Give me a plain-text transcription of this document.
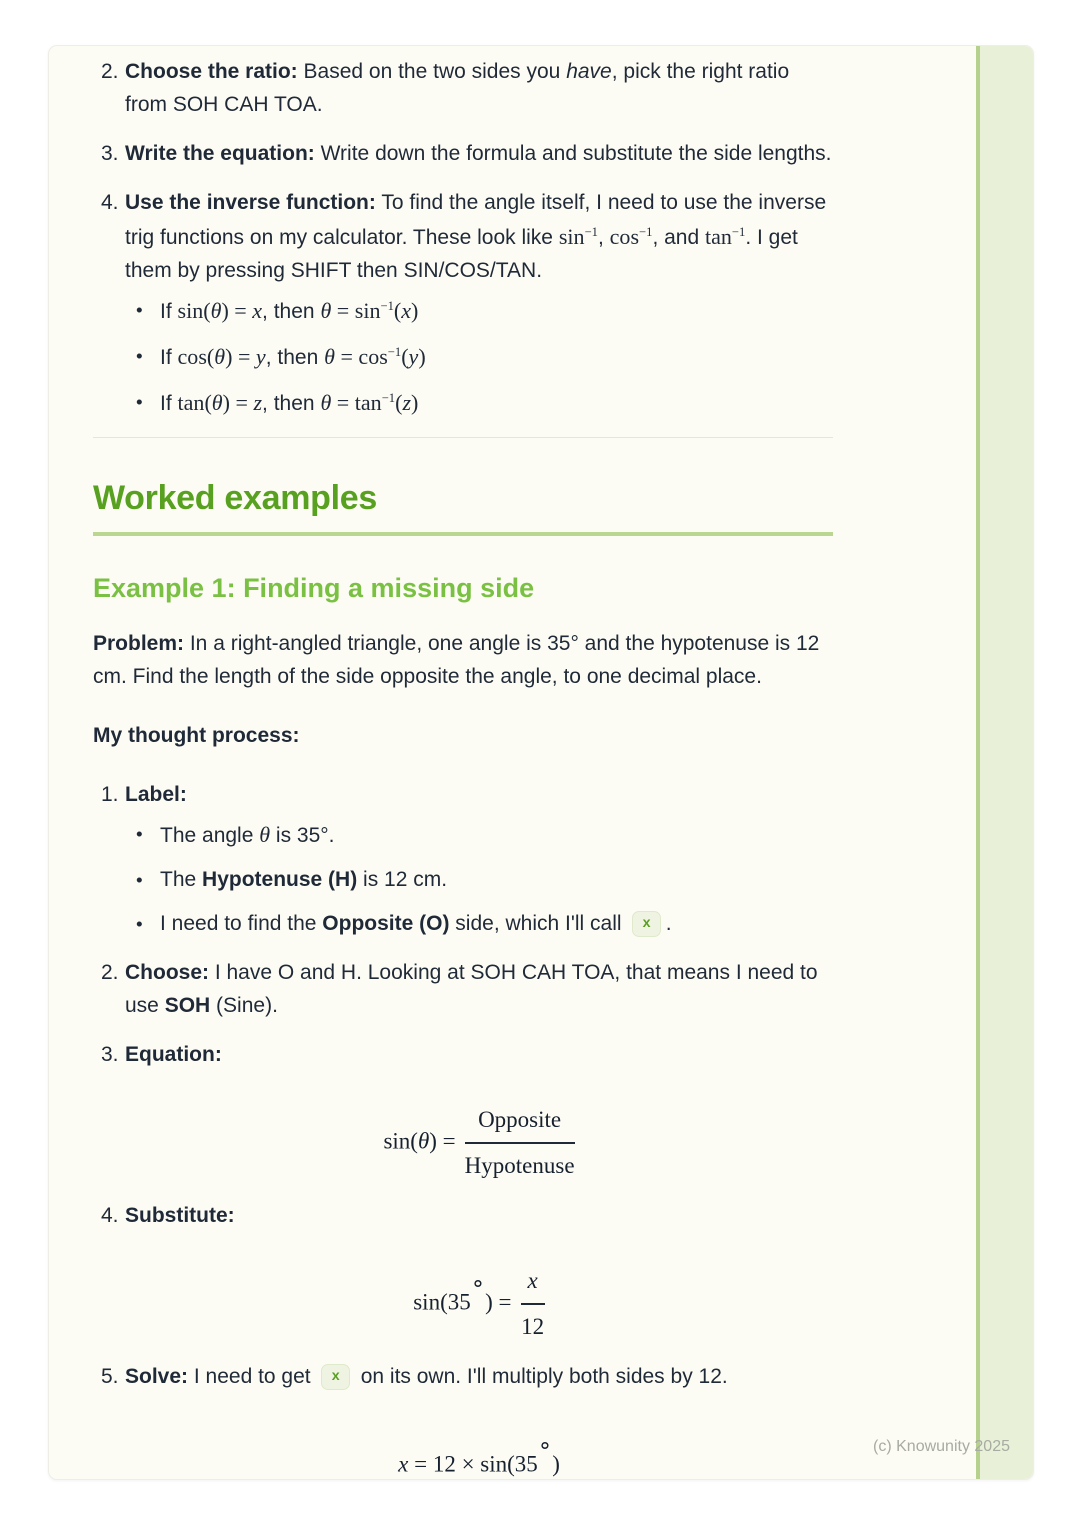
2. Choose the ratio: Based on the two sides you have, pick the right ratio from SOH CAH TOA.
3. Write the equation: Write down the formula and substitute the side lengths.
4. Use the inverse function: To find the angle itself, I need to use the inverse trig functions on my calculator. These look like $\sin^{-1}$, $\cos^{-1}$, and $\tan^{-1}$. I get them by pressing SHIFT then SIN/COS/TAN.
•
If sin(θ) = x, then $\theta = \sin^{-1}(x)$
•
If cos(θ) = y, then $\theta = \cos^{-1}(y)$
•
If tan(θ) = z, then $\theta = \tan^{-1}(z)$
Worked examples
Example 1: Finding a missing side

Problem: In a right-angled triangle, one angle is 35° and the hypotenuse is 12 cm. Find the length of the side opposite the angle, to one decimal place.

My thought process:

1. Label:
•
The angle θ is 35°.
•
The Hypotenuse (H) is 12 cm.
•
I need to find the Opposite (O) side, which I'll call x .
2. Choose: I have O and H. Looking at SOH CAH TOA, that means I need to use SOH (Sine).
3. Equation:
$\sin(\theta) = \frac{\text{Opposite}}{\text{Hypotenuse}}$
4. Substitute:
sin(35∘) = $\frac{x}{12}$
5. Solve: I need to get x on its own. I'll multiply both sides by 12.
x = 12 × sin(35∘)
(c) Knowunity 2025
